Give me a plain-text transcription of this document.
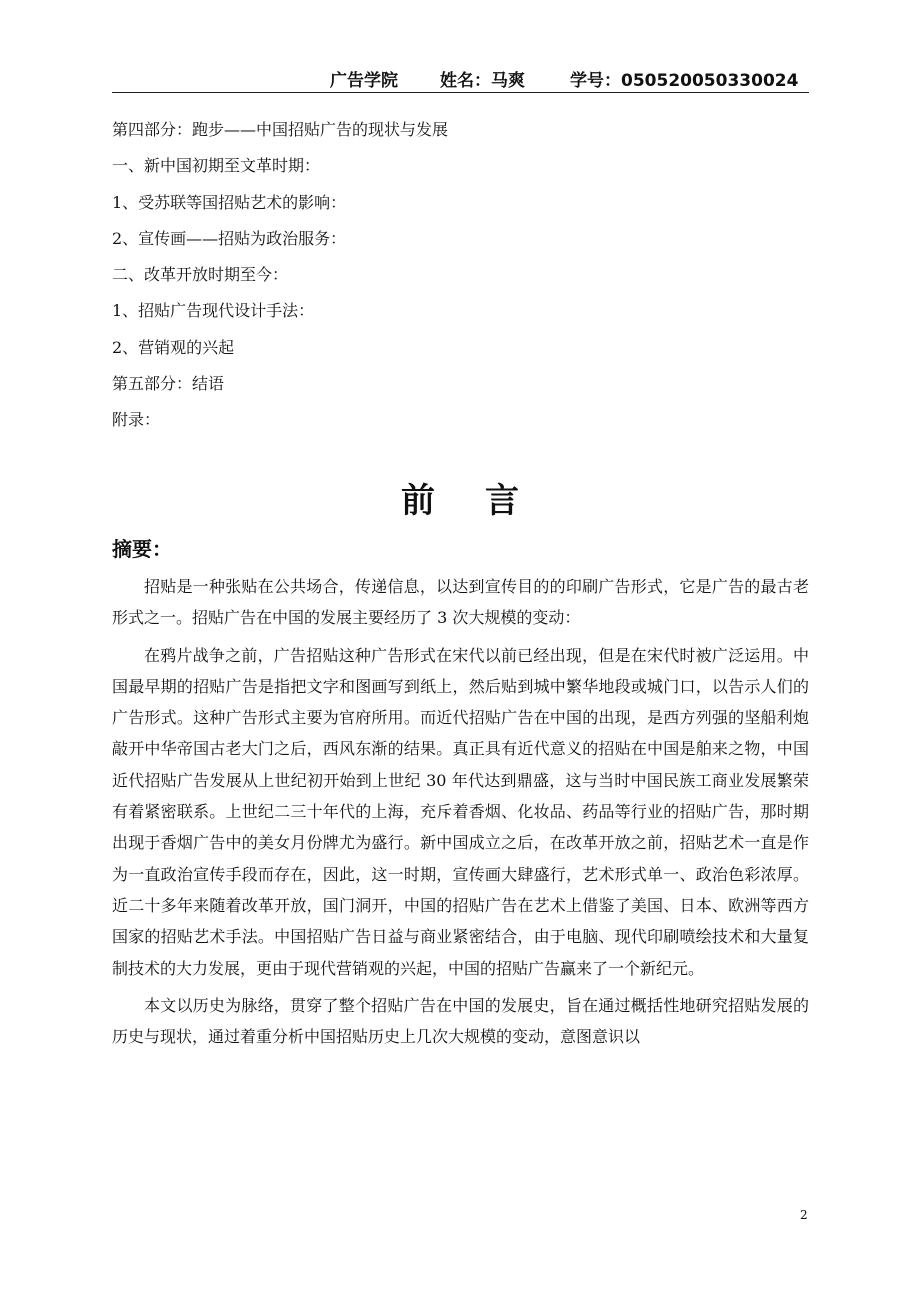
广告学院 姓名：马爽	学号：050520050330024
第四部分：跑步——中国招贴广告的现状与发展
一、新中国初期至文革时期：
1、受苏联等国招贴艺术的影响：
2、宣传画——招贴为政治服务：
二、改革开放时期至今：
1、招贴广告现代设计手法：
2、营销观的兴起
第五部分：结语
附录：
前言
摘要：

招贴是一种张贴在公共场合，传递信息，以达到宣传目的的印刷广告形式，它是广告的最古老形式之一。招贴广告在中国的发展主要经历了 3 次大规模的变动：

在鸦片战争之前，广告招贴这种广告形式在宋代以前已经出现，但是在宋代时被广泛运用。中国最早期的招贴广告是指把文字和图画写到纸上，然后贴到城中繁华地段或城门口，以告示人们的广告形式。这种广告形式主要为官府所用。而近代招贴广告在中国的出现，是西方列强的坚船利炮敲开中华帝国古老大门之后，西风东渐的结果。真正具有近代意义的招贴在中国是舶来之物，中国近代招贴广告发展从上世纪初开始到上世纪 30 年代达到鼎盛，这与当时中国民族工商业发展繁荣有着紧密联系。上世纪二三十年代的上海，充斥着香烟、化妆品、药品等行业的招贴广告，那时期出现于香烟广告中的美女月份牌尤为盛行。新中国成立之后，在改革开放之前，招贴艺术一直是作为一直政治宣传手段而存在，因此，这一时期，宣传画大肆盛行，艺术形式单一、政治色彩浓厚。近二十多年来随着改革开放，国门洞开，中国的招贴广告在艺术上借鉴了美国、日本、欧洲等西方国家的招贴艺术手法。中国招贴广告日益与商业紧密结合，由于电脑、现代印刷喷绘技术和大量复制技术的大力发展，更由于现代营销观的兴起，中国的招贴广告赢来了一个新纪元。

本文以历史为脉络，贯穿了整个招贴广告在中国的发展史，旨在通过概括性地研究招贴发展的历史与现状，通过着重分析中国招贴历史上几次大规模的变动，意图意识以

2
